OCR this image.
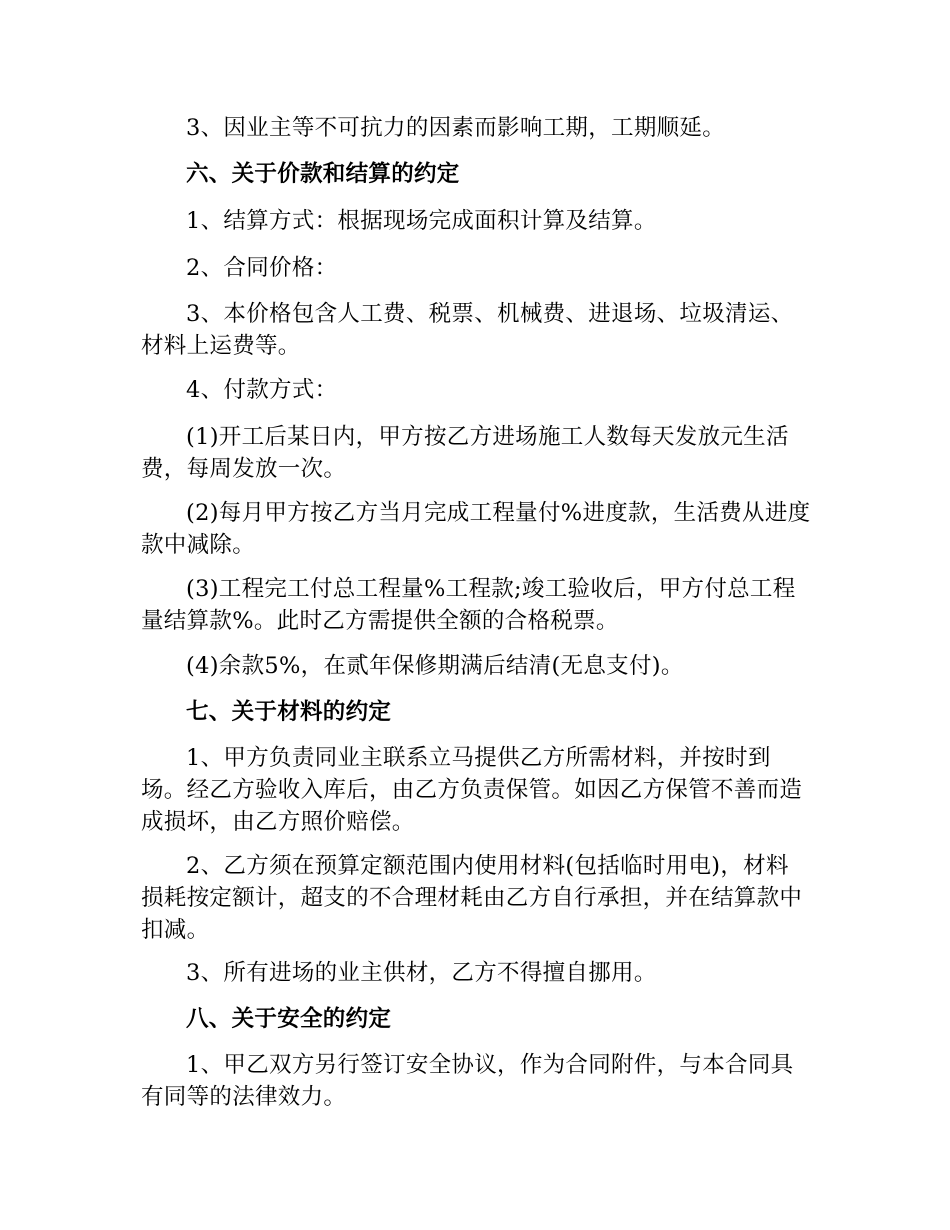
3、因业主等不可抗力的因素而影响工期，工期顺延。

六、关于价款和结算的约定

1、结算方式：根据现场完成面积计算及结算。

2、合同价格：

3、本价格包含人工费、税票、机械费、进退场、垃圾清运、材料上运费等。

4、付款方式：

(1)开工后某日内，甲方按乙方进场施工人数每天发放元生活费，每周发放一次。

(2)每月甲方按乙方当月完成工程量付%进度款，生活费从进度款中减除。

(3)工程完工付总工程量%工程款;竣工验收后，甲方付总工程量结算款%。此时乙方需提供全额的合格税票。

(4)余款5%，在贰年保修期满后结清(无息支付)。

七、关于材料的约定

1、甲方负责同业主联系立马提供乙方所需材料，并按时到场。经乙方验收入库后，由乙方负责保管。如因乙方保管不善而造成损坏，由乙方照价赔偿。

2、乙方须在预算定额范围内使用材料(包括临时用电)，材料损耗按定额计，超支的不合理材耗由乙方自行承担，并在结算款中扣减。

3、所有进场的业主供材，乙方不得擅自挪用。

八、关于安全的约定

1、甲乙双方另行签订安全协议，作为合同附件，与本合同具有同等的法律效力。
